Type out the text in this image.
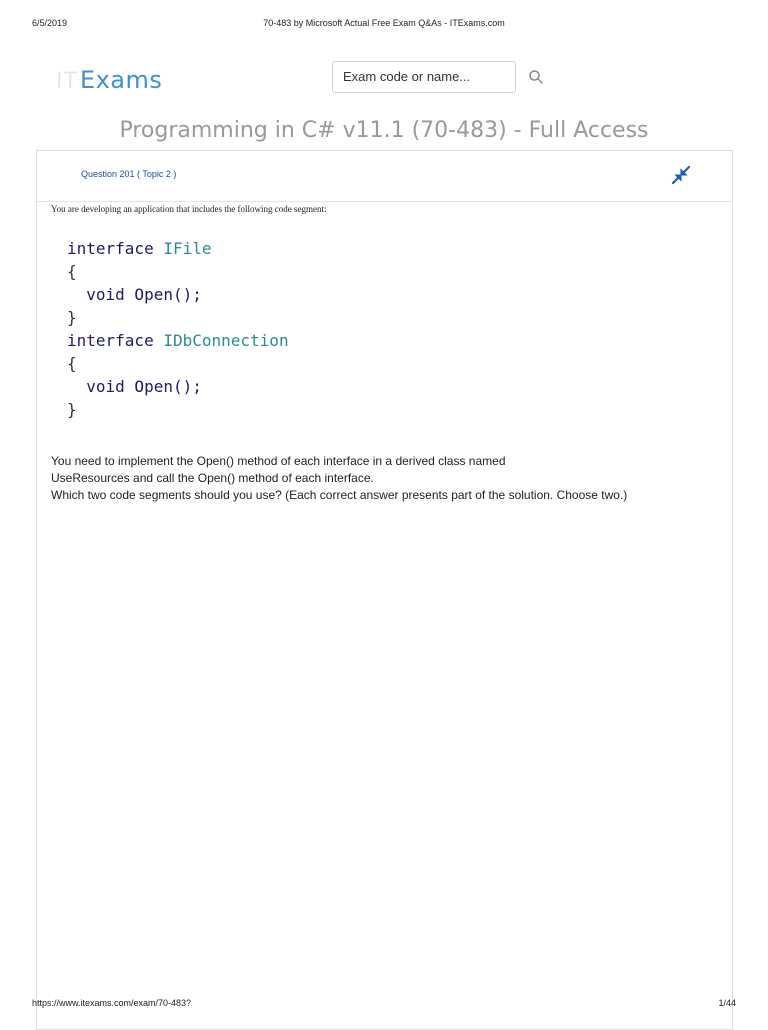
6/5/2019	70-483 by Microsoft Actual Free Exam Q&As - ITExams.com
IT Exams	Exam code or name...
Programming in C# v11.1 (70-483) - Full Access
Question 201 ( Topic 2 )
You are developing an application that includes the following code segment:
interface IFile
{
void Open();
}
interface IDbConnection
{
void Open();
}
You need to implement the Open() method of each interface in a derived class named
UseResources and call the Open() method of each interface.
Which two code segments should you use? (Each correct answer presents part of the solution. Choose two.)
https://www.itexams.com/exam/70-483?	1/44
